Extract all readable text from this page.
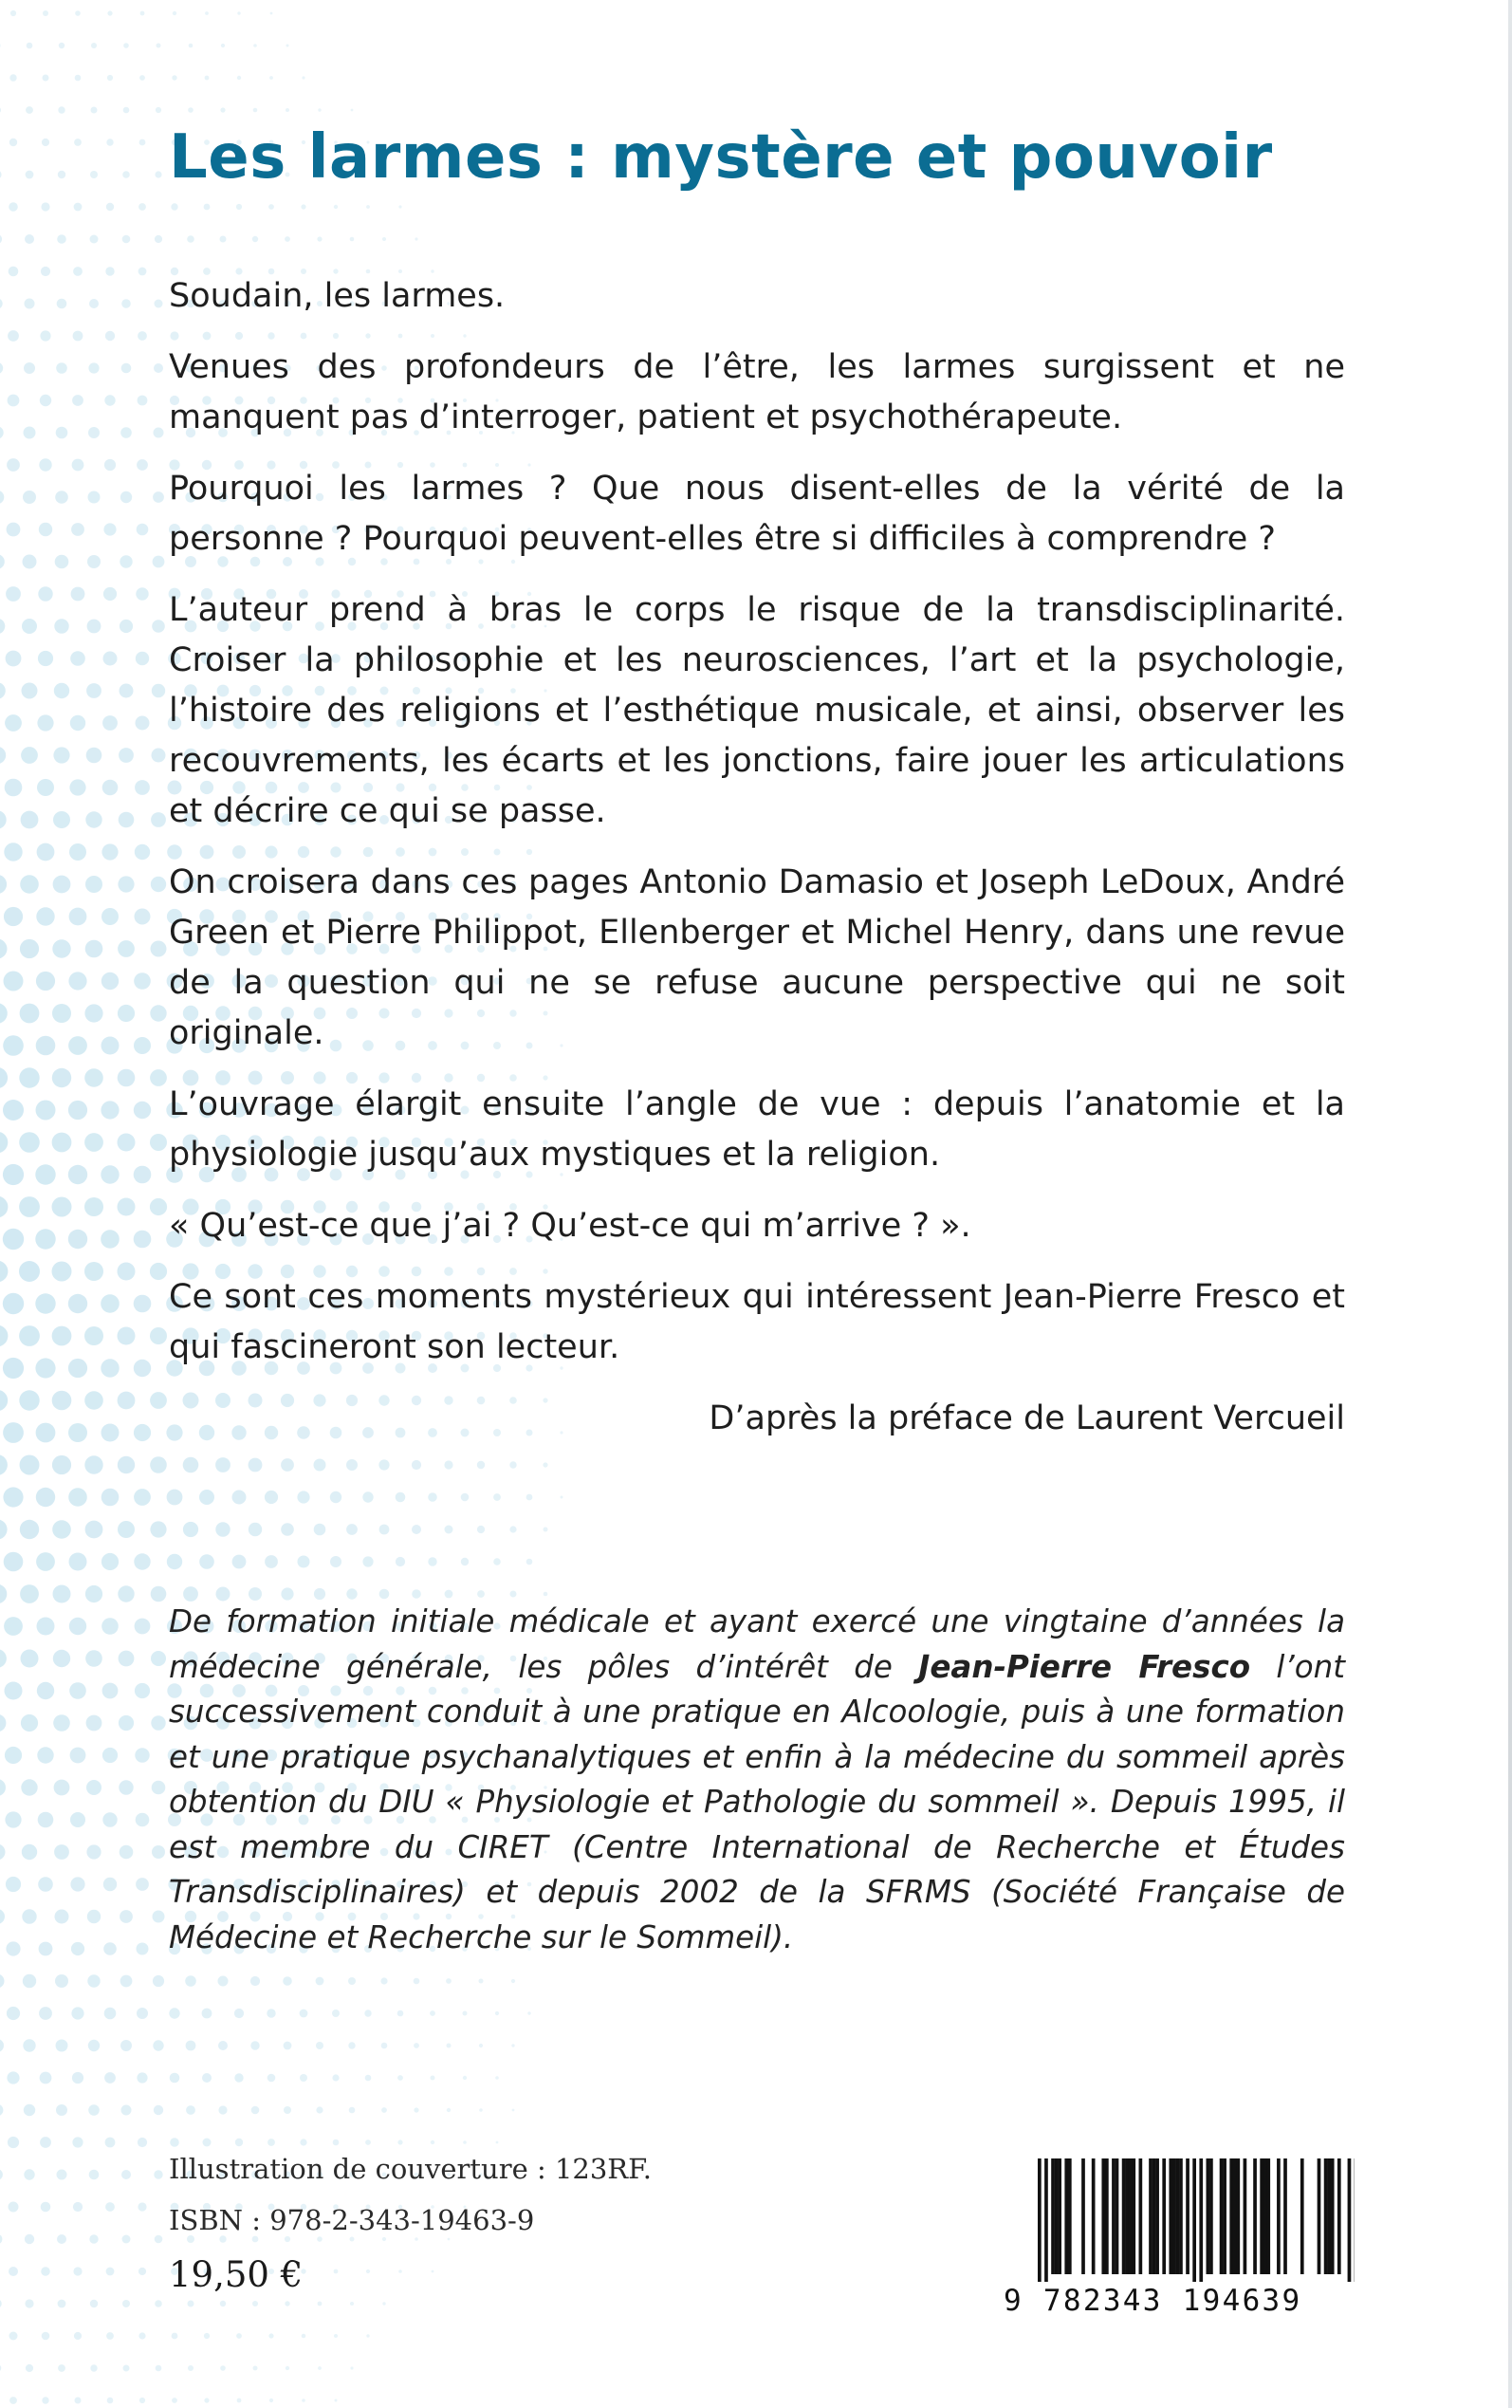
Les larmes : mystère et pouvoir

Soudain, les larmes.

Venues des profondeurs de l’être, les larmes surgissent et ne manquent pas d’interroger, patient et psychothérapeute.

Pourquoi les larmes ? Que nous disent-elles de la vérité de la personne ? Pourquoi peuvent-elles être si difficiles à comprendre ?

L’auteur prend à bras le corps le risque de la transdisciplinarité. Croiser la philosophie et les neurosciences, l’art et la psychologie, l’histoire des religions et l’esthétique musicale, et ainsi, observer les recouvrements, les écarts et les jonctions, faire jouer les articulations et décrire ce qui se passe.

On croisera dans ces pages Antonio Damasio et Joseph LeDoux, André Green et Pierre Philippot, Ellenberger et Michel Henry, dans une revue de la question qui ne se refuse aucune perspective qui ne soit originale.

L’ouvrage élargit ensuite l’angle de vue : depuis l’anatomie et la physiologie jusqu’aux mystiques et la religion.

« Qu’est-ce que j’ai ? Qu’est-ce qui m’arrive ? ».

Ce sont ces moments mystérieux qui intéressent Jean-Pierre Fresco et qui fascineront son lecteur.

D’après la préface de Laurent Vercueil

De formation initiale médicale et ayant exercé une vingtaine d’années la médecine générale, les pôles d’intérêt de Jean-Pierre Fresco l’ont successivement conduit à une pratique en Alcoologie, puis à une formation et une pratique psychanalytiques et enfin à la médecine du sommeil après obtention du DIU « Physiologie et Pathologie du sommeil ». Depuis 1995, il est membre du CIRET (Centre International de Recherche et Études Transdisciplinaires) et depuis 2002 de la SFRMS (Société Française de Médecine et Recherche sur le Sommeil).

Illustration de couverture : 123RF.

ISBN : 978-2-343-19463-9

19,50 €

9 782343 194639
